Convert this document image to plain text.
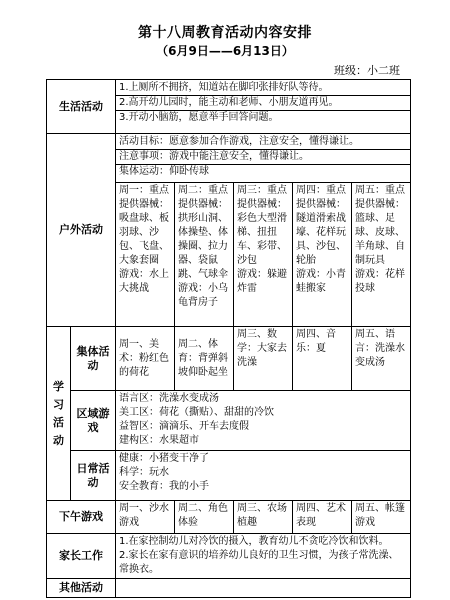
第十八周教育活动内容安排
（6月9日——6月13日）
班级：小二班
生活活动		1.上厕所不拥挤，知道站在脚印张排好队等待。
2.高开幼儿园时，能主动和老师、小朋友道再见。
3.开动小脑筋，愿意举手回答问题。				

户外活动		活动目标：愿意参加合作游戏，注意安全，懂得谦让。
注意事项：游戏中能注意安全，懂得谦让。
集体运动：仰卧传球				

		周一：重点提供器械：吸盘球、板羽球、沙包、飞盘、大象套圈
游戏：水上大挑战	周二：重点提供器械：拱形山洞、体操垫、体操圈、拉力器、袋鼠跳、气球伞
游戏：小乌龟背房子	周三：重点提供器械：彩色大型滑梯、扭扭车、彩带、沙包
游戏：躲避炸雷	周四：重点提供器械：隧道滑索战壕、花样玩具、沙包、轮胎
游戏：小青蛙搬家	周五：重点提供器械：篮球、足球、皮球、羊角球、自制玩具
游戏：花样投球
学习活动	集体活动	周一、美术：粉红色的荷花	周二、体育：背弹斜坡仰卧起坐	周三、数学：大家去洗澡	周四、音乐：夏	周五、语言：洗澡水变成汤
	区域游戏	语言区：洗澡水变成汤
美工区：荷花（撕贴）、甜甜的冷饮
益智区：滴滴乐、开车去度假
建构区：水果超市				

	日常活动	健康：小猪变干净了
科学：玩水
安全教育：我的小手				

下午游戏		周一、沙水游戏	周二、角色体验	周三、农场植趣	周四、艺术表现	周五、帐篷游戏
家长工作		1.在家控制幼儿对冷饮的摄入，教育幼儿不贪吃冷饮和饮料。
2.家长在家有意识的培养幼儿良好的卫生习惯，为孩子常洗澡、常换衣。				

其他活动						
